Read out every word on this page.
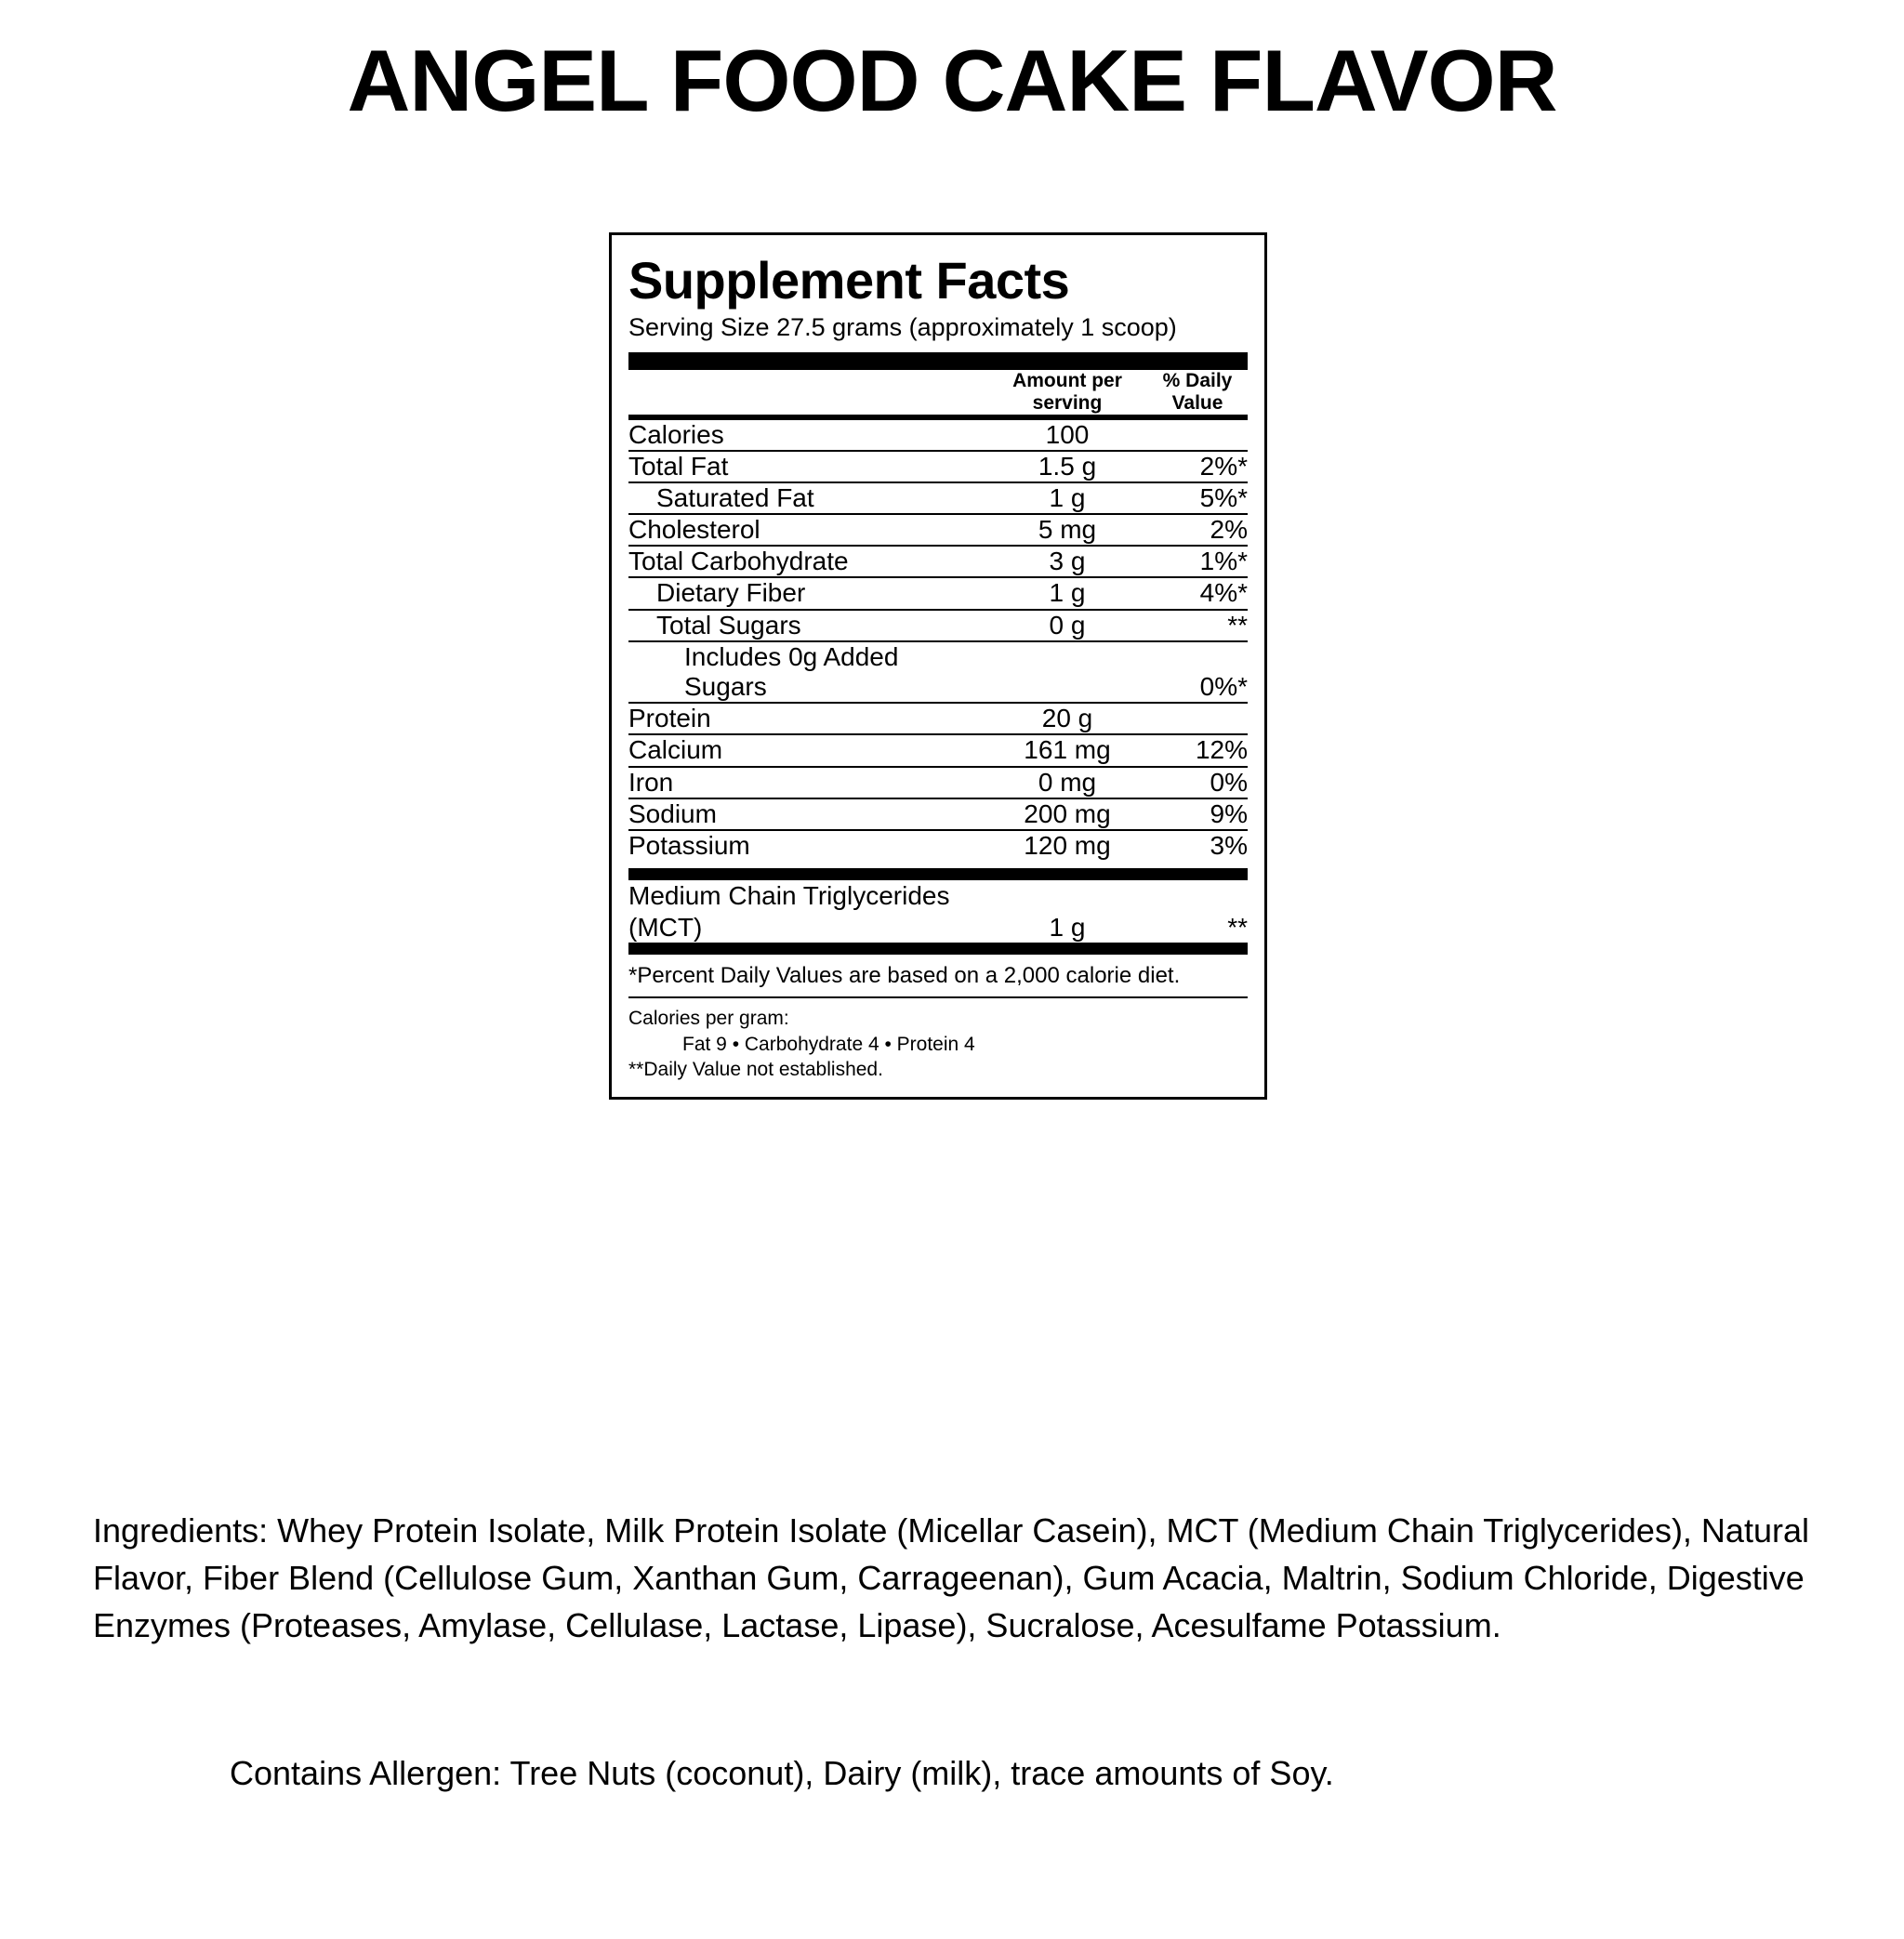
ANGEL FOOD CAKE FLAVOR
Supplement Facts
Serving Size 27.5 grams (approximately 1 scoop)
	Amount per
serving	% Daily
Value

Calories	100	
Total Fat	1.5 g	2%*
Saturated Fat	1 g	5%*
Cholesterol	5 mg	2%
Total Carbohydrate	3 g	1%*
Dietary Fiber	1 g	4%*
Total Sugars	0 g	**
Includes 0g Added Sugars		0%*
Protein	20 g	
Calcium	161 mg	12%
Iron	0 mg	0%
Sodium	200 mg	9%
Potassium	120 mg	3%
Medium Chain Triglycerides (MCT)	1 g	**
*Percent Daily Values are based on a 2,000 calorie diet.
Calories per gram:
Fat 9 • Carbohydrate 4 • Protein 4
**Daily Value not established.
Ingredients: Whey Protein Isolate, Milk Protein Isolate (Micellar Casein), MCT (Medium Chain Triglycerides), Natural Flavor, Fiber Blend (Cellulose Gum, Xanthan Gum, Carrageenan), Gum Acacia, Maltrin, Sodium Chloride, Digestive Enzymes (Proteases, Amylase, Cellulase, Lactase, Lipase), Sucralose, Acesulfame Potassium.
Contains Allergen: Tree Nuts (coconut), Dairy (milk), trace amounts of Soy.
